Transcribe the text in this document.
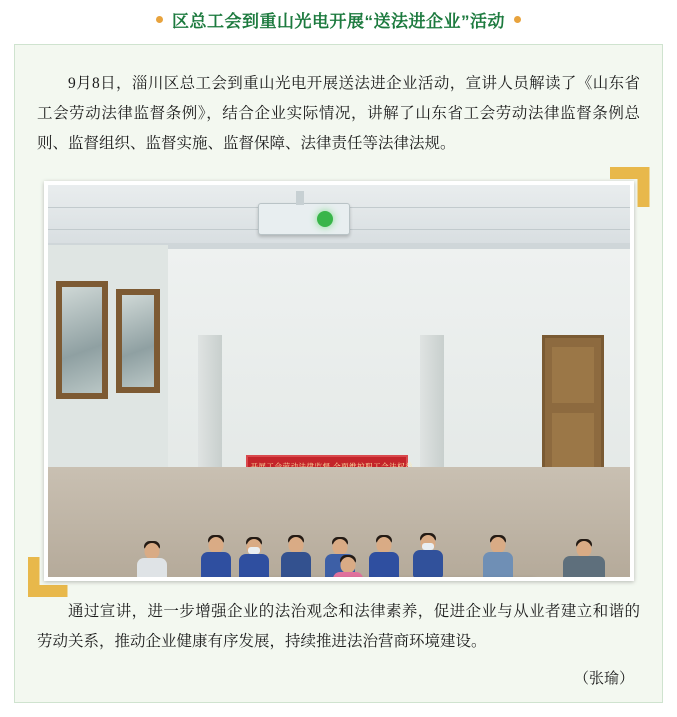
区总工会到重山光电开展“送法进企业”活动

9月8日，淄川区总工会到重山光电开展送法进企业活动，宣讲人员解读了《山东省工会劳动法律监督条例》，结合企业实际情况，讲解了山东省工会劳动法律监督条例总则、监督组织、监督实施、监督保障、法律责任等法律法规。

通过宣讲，进一步增强企业的法治观念和法律素养，促进企业与从业者建立和谐的劳动关系，推动企业健康有序发展，持续推进法治营商环境建设。

（张瑜）
